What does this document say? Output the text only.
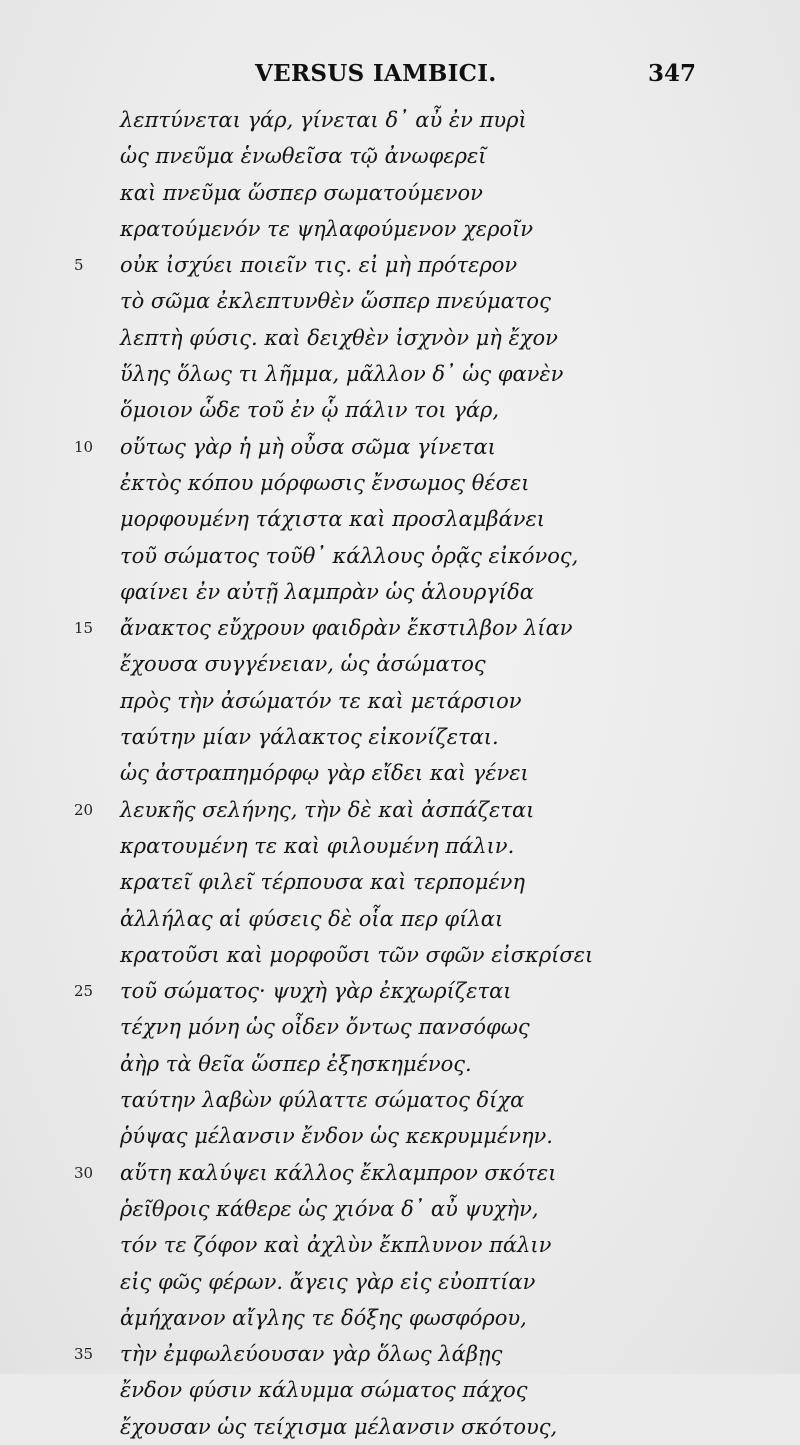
VERSUS IAMBICI.	347
λεπτύνεται γάρ, γίνεται δ᾽ αὖ ἐν πυρὶ
ὡς πνεῦμα ἑνωθεῖσα τῷ ἀνωφερεῖ
καὶ πνεῦμα ὥσπερ σωματούμενον
κρατούμενόν τε ψηλαφούμενον χεροῖν
5 οὐκ ἰσχύει ποιεῖν τις. εἰ μὴ πρότερον
τὸ σῶμα ἐκλεπτυνθὲν ὥσπερ πνεύματος
λεπτὴ φύσις. καὶ δειχθὲν ἰσχνὸν μὴ ἔχον
ὕλης ὅλως τι λῆμμα, μᾶλλον δ᾽ ὡς φανὲν
ὅμοιον ὧδε τοῦ ἐν ᾧ πάλιν τοι γάρ,
10 οὕτως γὰρ ἡ μὴ οὖσα σῶμα γίνεται
ἐκτὸς κόπου μόρφωσις ἔνσωμος θέσει
μορφουμένη τάχιστα καὶ προσλαμβάνει
τοῦ σώματος τοῦθ᾽ κάλλους ὁρᾷς εἰκόνος,
φαίνει ἐν αὐτῇ λαμπρὰν ὡς ἁλουργίδα
15 ἄνακτος εὔχρουν φαιδρὰν ἔκστιλβον λίαν
ἔχουσα συγγένειαν, ὡς ἀσώματος
πρὸς τὴν ἀσώματόν τε καὶ μετάρσιον
ταύτην μίαν γάλακτος εἰκονίζεται.
ὡς ἀστραπημόρφῳ γὰρ εἴδει καὶ γένει
20 λευκῆς σελήνης, τὴν δὲ καὶ ἀσπάζεται
κρατουμένη τε καὶ φιλουμένη πάλιν.
κρατεῖ φιλεῖ τέρπουσα καὶ τερπομένη
ἀλλήλας αἱ φύσεις δὲ οἷα περ φίλαι
κρατοῦσι καὶ μορφοῦσι τῶν σφῶν εἰσκρίσει
25 τοῦ σώματος· ψυχὴ γὰρ ἐκχωρίζεται
τέχνη μόνη ὡς οἶδεν ὄντως πανσόφως
ἀὴρ τὰ θεῖα ὥσπερ ἐξησκημένος.
ταύτην λαβὼν φύλαττε σώματος δίχα
ῥύψας μέλανσιν ἔνδον ὡς κεκρυμμένην.
30 αὕτη καλύψει κάλλος ἔκλαμπρον σκότει
ῥεῖθροις κάθερε ὡς χιόνα δ᾽ αὖ ψυχὴν,
τόν τε ζόφον καὶ ἀχλὺν ἔκπλυνον πάλιν
εἰς φῶς φέρων. ἄγεις γὰρ εἰς εὐοπτίαν
ἀμήχανον αἴγλης τε δόξης φωσφόρου,
35 τὴν ἐμφωλεύουσαν γὰρ ὅλως λάβῃς
ἔνδον φύσιν κάλυμμα σώματος πάχος
ἔχουσαν ὡς τείχισμα μέλανσιν σκότους,
